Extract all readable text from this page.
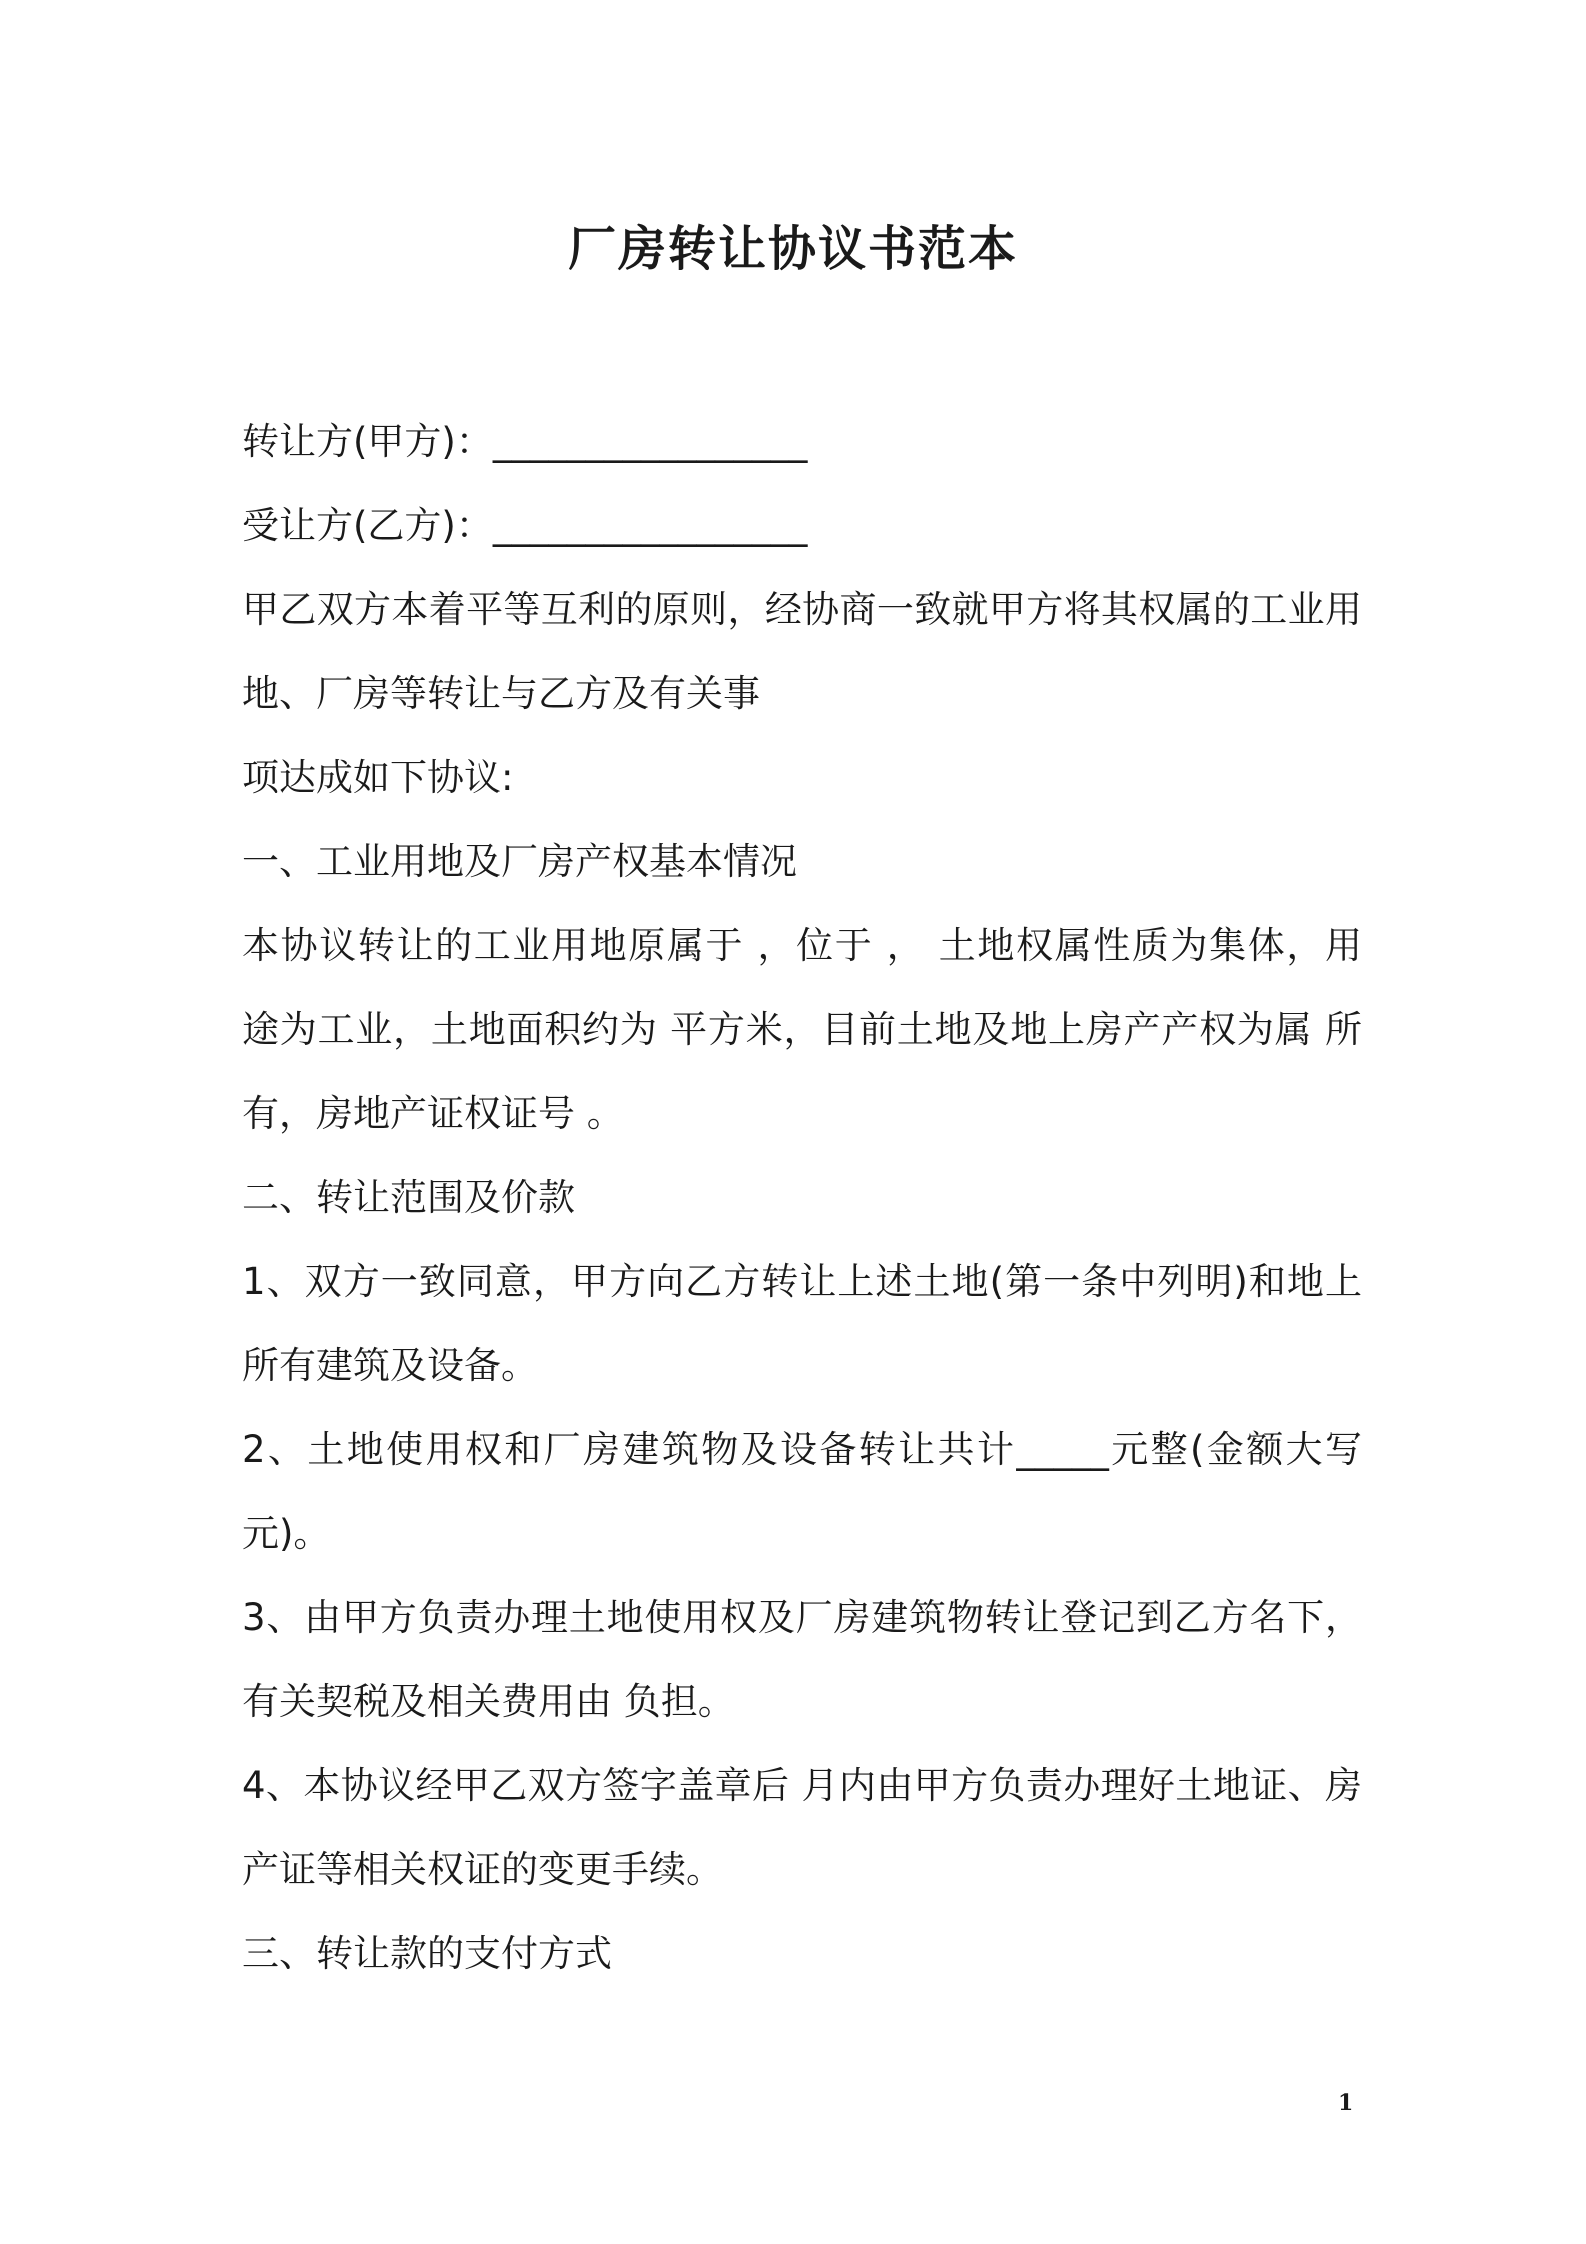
厂房转让协议书范本
转让方(甲方)：_________________
受让方(乙方)：_________________
甲乙双方本着平等互利的原则，经协商一致就甲方将其权属的工业用
地、厂房等转让与乙方及有关事
项达成如下协议:
一、工业用地及厂房产权基本情况
本协议转让的工业用地原属于 ，位于 ， 土地权属性质为集体，用
途为工业，土地面积约为 平方米，目前土地及地上房产产权为属 所
有，房地产证权证号 。
二、转让范围及价款
1、双方一致同意，甲方向乙方转让上述土地(第一条中列明)和地上
所有建筑及设备。
2、土地使用权和厂房建筑物及设备转让共计_____元整(金额大写
元)。
3、由甲方负责办理土地使用权及厂房建筑物转让登记到乙方名下，
有关契税及相关费用由 负担。
4、本协议经甲乙双方签字盖章后 月内由甲方负责办理好土地证、房
产证等相关权证的变更手续。
三、转让款的支付方式
1
